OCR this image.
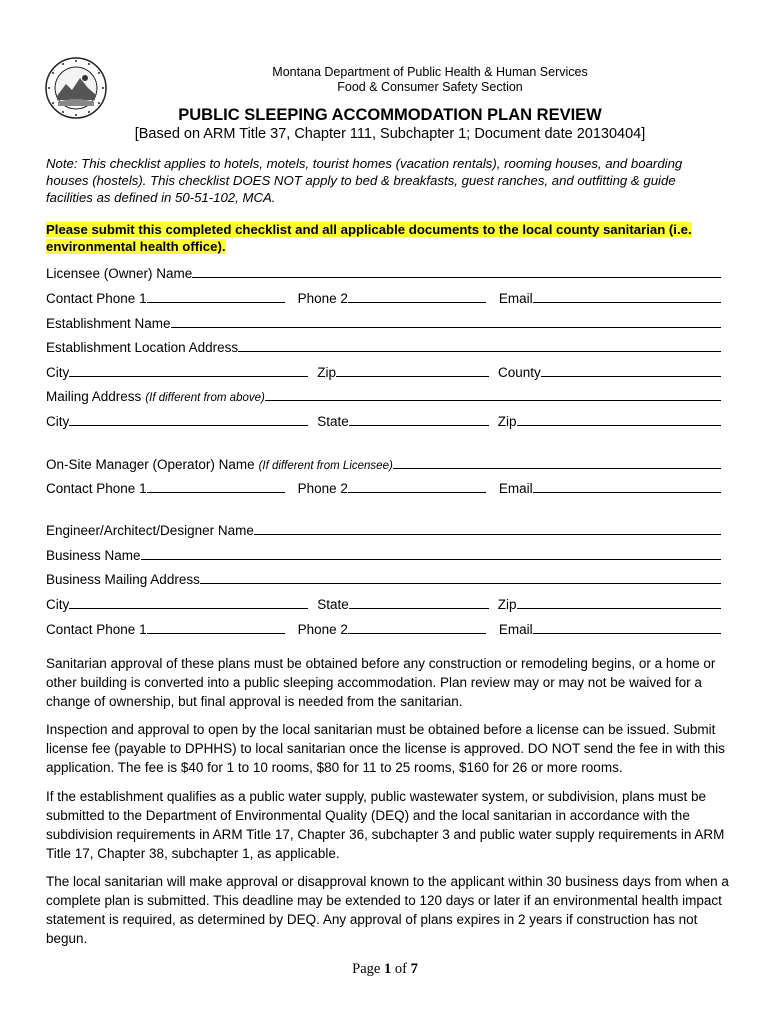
Montana Department of Public Health & Human Services
Food & Consumer Safety Section
PUBLIC SLEEPING ACCOMMODATION PLAN REVIEW
[Based on ARM Title 37, Chapter 111, Subchapter 1; Document date 20130404]
Note: This checklist applies to hotels, motels, tourist homes (vacation rentals), rooming houses, and boarding houses (hostels). This checklist DOES NOT apply to bed & breakfasts, guest ranches, and outfitting & guide facilities as defined in 50-51-102, MCA.
Please submit this completed checklist and all applicable documents to the local county sanitarian (i.e. environmental health office).
Licensee (Owner) Name
Contact Phone 1	Phone 2	Email
Establishment Name
Establishment Location Address
City	Zip	County
Mailing Address (If different from above)
City	State	Zip
On-Site Manager (Operator) Name (If different from Licensee)
Contact Phone 1	Phone 2	Email
Engineer/Architect/Designer Name
Business Name
Business Mailing Address
City	State	Zip
Contact Phone 1	Phone 2	Email
Sanitarian approval of these plans must be obtained before any construction or remodeling begins, or a home or other building is converted into a public sleeping accommodation. Plan review may or may not be waived for a change of ownership, but final approval is needed from the sanitarian.
Inspection and approval to open by the local sanitarian must be obtained before a license can be issued. Submit license fee (payable to DPHHS) to local sanitarian once the license is approved. DO NOT send the fee in with this application. The fee is $40 for 1 to 10 rooms, $80 for 11 to 25 rooms, $160 for 26 or more rooms.
If the establishment qualifies as a public water supply, public wastewater system, or subdivision, plans must be submitted to the Department of Environmental Quality (DEQ) and the local sanitarian in accordance with the subdivision requirements in ARM Title 17, Chapter 36, subchapter 3 and public water supply requirements in ARM Title 17, Chapter 38, subchapter 1, as applicable.
The local sanitarian will make approval or disapproval known to the applicant within 30 business days from when a complete plan is submitted. This deadline may be extended to 120 days or later if an environmental health impact statement is required, as determined by DEQ. Any approval of plans expires in 2 years if construction has not begun.
Page 1 of 7
